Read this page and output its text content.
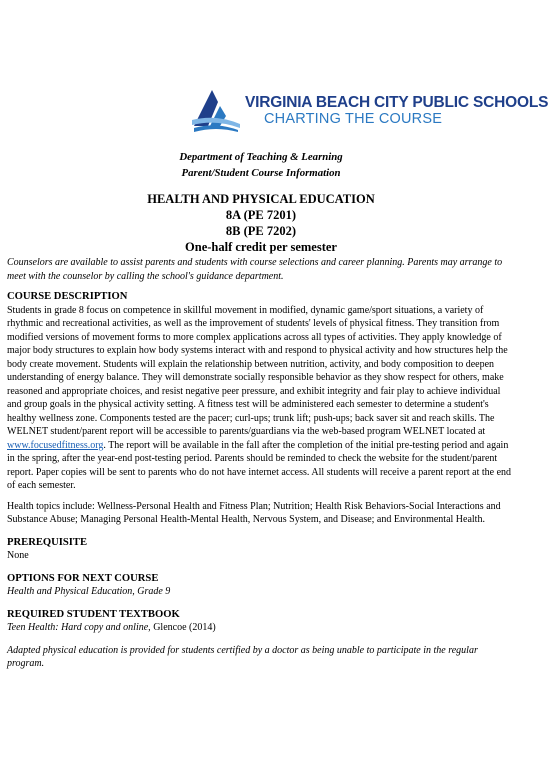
VIRGINIA BEACH CITY PUBLIC SCHOOLS
CHARTING THE COURSE
Department of Teaching & Learning
Parent/Student Course Information
HEALTH AND PHYSICAL EDUCATION
8A (PE 7201)
8B (PE 7202)
One-half credit per semester
Counselors are available to assist parents and students with course selections and career planning. Parents may arrange to meet with the counselor by calling the school's guidance department.
COURSE DESCRIPTION
Students in grade 8 focus on competence in skillful movement in modified, dynamic game/sport situations, a variety of rhythmic and recreational activities, as well as the improvement of students' levels of physical fitness. They transition from modified versions of movement forms to more complex applications across all types of activities. They apply knowledge of major body structures to explain how body systems interact with and respond to physical activity and how structures help the body create movement. Students will explain the relationship between nutrition, activity, and body composition to deepen understanding of energy balance. They will demonstrate socially responsible behavior as they show respect for others, make reasoned and appropriate choices, and resist negative peer pressure, and exhibit integrity and fair play to achieve individual and group goals in the physical activity setting. A fitness test will be administered each semester to determine a student's healthy wellness zone. Components tested are the pacer; curl-ups; trunk lift; push-ups; back saver sit and reach skills. The WELNET student/parent report will be accessible to parents/guardians via the web-based program WELNET located at www.focusedfitness.org. The report will be available in the fall after the completion of the initial pre-testing period and again in the spring, after the year-end post-testing period. Parents should be reminded to check the website for the student/parent report. Paper copies will be sent to parents who do not have internet access. All students will receive a parent report at the end of each semester.
Health topics include: Wellness-Personal Health and Fitness Plan; Nutrition; Health Risk Behaviors-Social Interactions and Substance Abuse; Managing Personal Health-Mental Health, Nervous System, and Disease; and Environmental Health.
PREREQUISITE
None
OPTIONS FOR NEXT COURSE
Health and Physical Education, Grade 9
REQUIRED STUDENT TEXTBOOK
Teen Health: Hard copy and online, Glencoe (2014)
Adapted physical education is provided for students certified by a doctor as being unable to participate in the regular program.
